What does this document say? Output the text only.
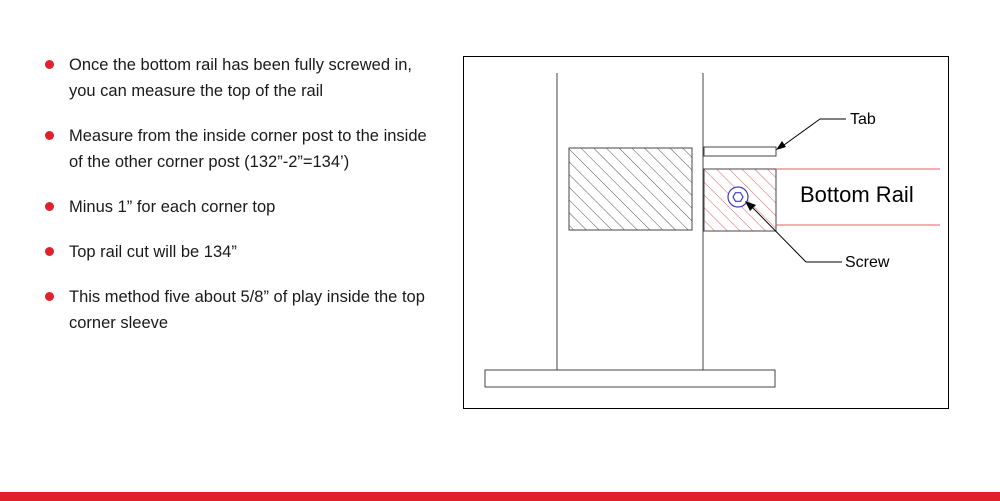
Once the bottom rail has been fully screwed in, you can measure the top of the rail
Measure from the inside corner post to the inside of the other corner post (132”-2”=134’)
Minus 1” for each corner top
Top rail cut will be 134”
This method five about 5/8” of play inside the top corner sleeve
Tab
Bottom Rail
Screw
